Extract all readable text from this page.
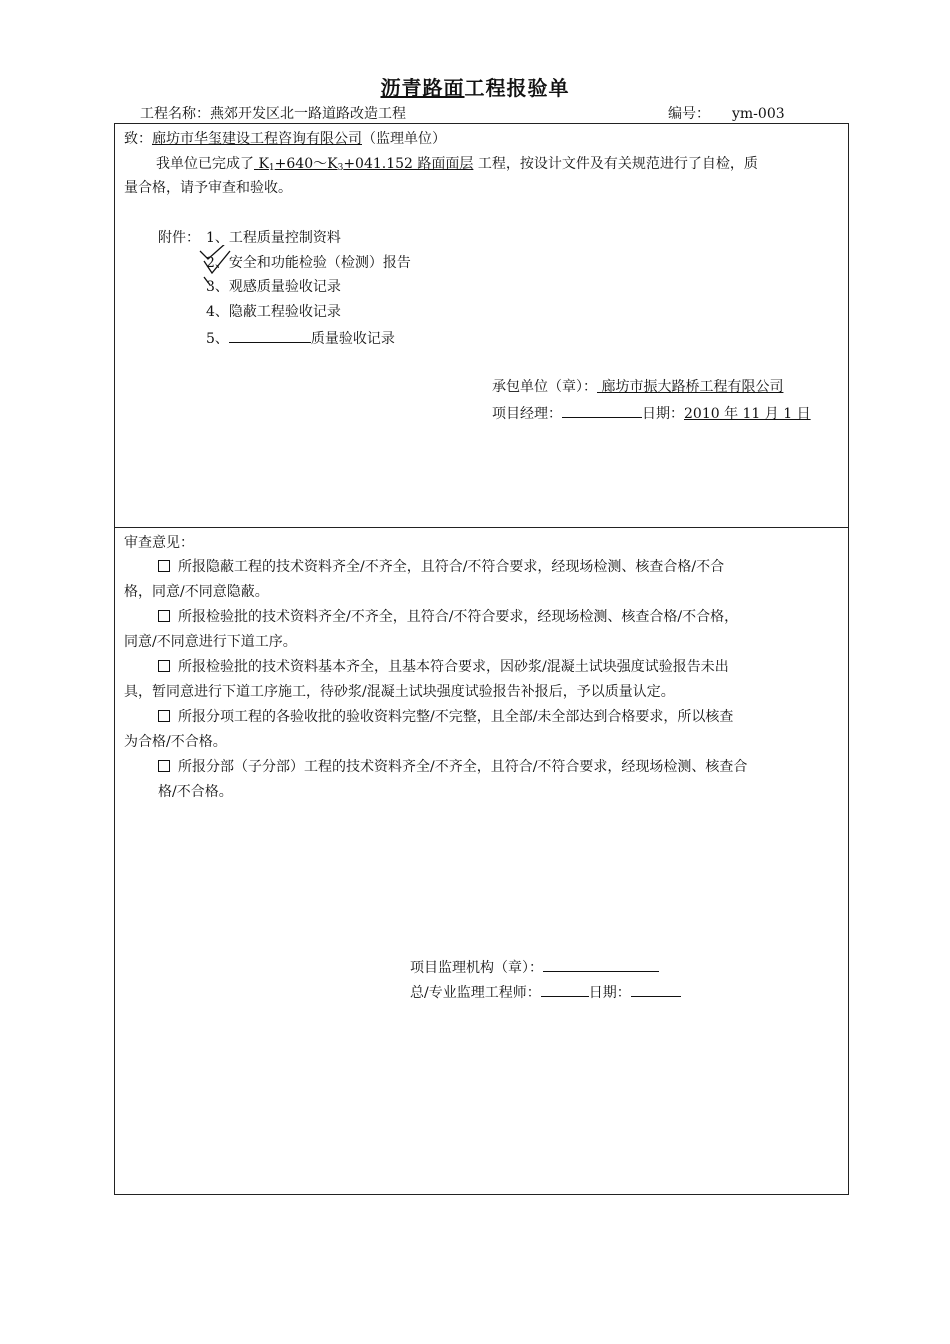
沥青路面工程报验单
工程名称：燕郊开发区北一路道路改造工程	编号： ym-003
致：廊坊市华玺建设工程咨询有限公司（监理单位）
我单位已完成了 $K_1+640\sim K_3+041.152$ 路面面层 工程，按设计文件及有关规范进行了自检，质
量合格，请予审查和验收。
附件： 1、工程质量控制资料
2、安全和功能检验（检测）报告
3、观感质量验收记录
4、隐蔽工程验收记录
5、	质量验收记录
承包单位（章）： 廊坊市振大路桥工程有限公司
项目经理：	日期：2010 年 11 月 1 日
审查意见：
所报隐蔽工程的技术资料齐全/不齐全，且符合/不符合要求，经现场检测、核查合格/不合
格，同意/不同意隐蔽。
所报检验批的技术资料齐全/不齐全，且符合/不符合要求，经现场检测、核查合格/不合格，
同意/不同意进行下道工序。
所报检验批的技术资料基本齐全，且基本符合要求，因砂浆/混凝土试块强度试验报告未出
具，暂同意进行下道工序施工，待砂浆/混凝土试块强度试验报告补报后，予以质量认定。
所报分项工程的各验收批的验收资料完整/不完整，且全部/未全部达到合格要求，所以核查
为合格/不合格。
所报分部（子分部）工程的技术资料齐全/不齐全，且符合/不符合要求，经现场检测、核查合
格/不合格。
项目监理机构（章）：
总/专业监理工程师：	日期：
